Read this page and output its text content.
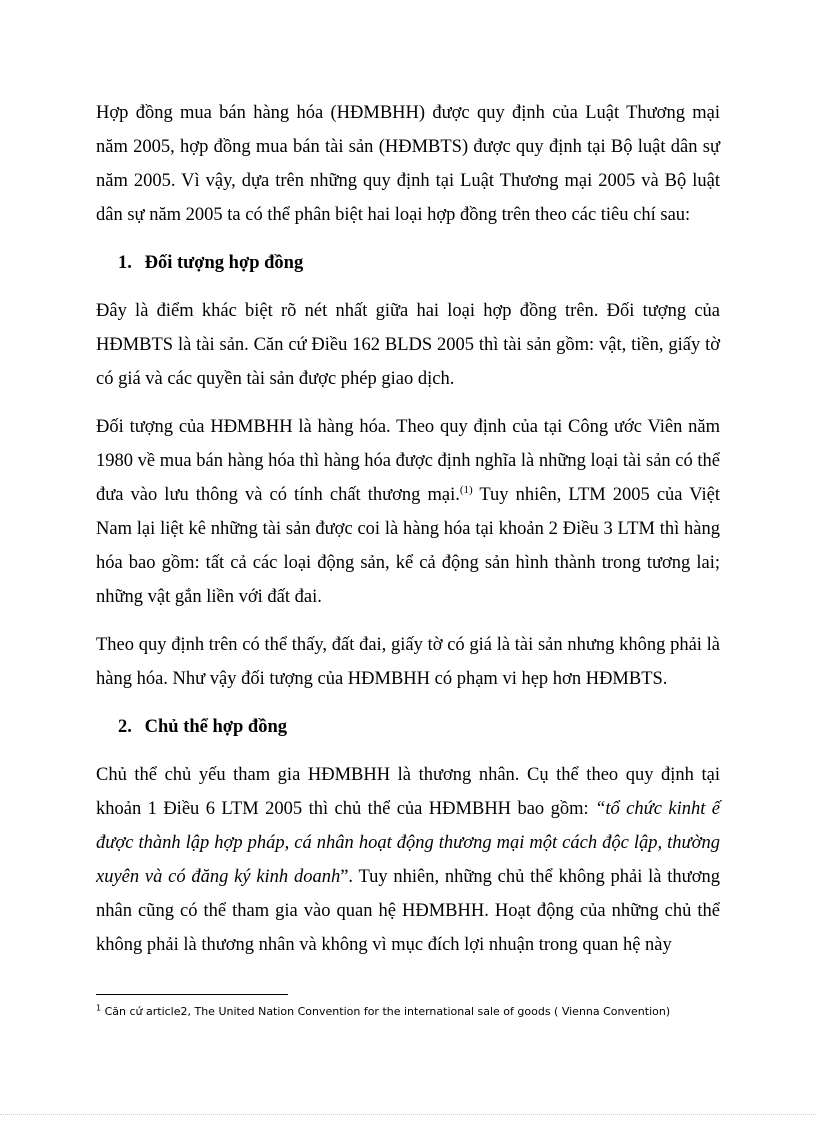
Hợp đồng mua bán hàng hóa (HĐMBHH) được quy định của Luật Thương mại năm 2005, hợp đồng mua bán tài sản (HĐMBTS) được quy định tại Bộ luật dân sự năm 2005. Vì vậy, dựa trên những quy định tại Luật Thương mại 2005 và Bộ luật dân sự năm 2005 ta có thể phân biệt hai loại hợp đồng trên theo các tiêu chí sau:

1. Đối tượng hợp đồng

Đây là điểm khác biệt rõ nét nhất giữa hai loại hợp đồng trên. Đối tượng của HĐMBTS là tài sản. Căn cứ Điều 162 BLDS 2005 thì tài sản gồm: vật, tiền, giấy tờ có giá và các quyền tài sản được phép giao dịch.

Đối tượng của HĐMBHH là hàng hóa. Theo quy định của tại Công ước Viên năm 1980 về mua bán hàng hóa thì hàng hóa được định nghĩa là những loại tài sản có thể đưa vào lưu thông và có tính chất thương mại.$^{(1)}$ Tuy nhiên, LTM 2005 của Việt Nam lại liệt kê những tài sản được coi là hàng hóa tại khoản 2 Điều 3 LTM thì hàng hóa bao gồm: tất cả các loại động sản, kể cả động sản hình thành trong tương lai; những vật gắn liền với đất đai.

Theo quy định trên có thể thấy, đất đai, giấy tờ có giá là tài sản nhưng không phải là hàng hóa. Như vậy đối tượng của HĐMBHH có phạm vi hẹp hơn HĐMBTS.

2. Chủ thể hợp đồng

Chủ thể chủ yếu tham gia HĐMBHH là thương nhân. Cụ thể theo quy định tại khoản 1 Điều 6 LTM 2005 thì chủ thể của HĐMBHH bao gồm: “tổ chức kinht ế được thành lập hợp pháp, cá nhân hoạt động thương mại một cách độc lập, thường xuyên và có đăng ký kinh doanh”. Tuy nhiên, những chủ thể không phải là thương nhân cũng có thể tham gia vào quan hệ HĐMBHH. Hoạt động của những chủ thể không phải là thương nhân và không vì mục đích lợi nhuận trong quan hệ này

$^1$ Căn cứ article2, The United Nation Convention for the international sale of goods ( Vienna Convention)
